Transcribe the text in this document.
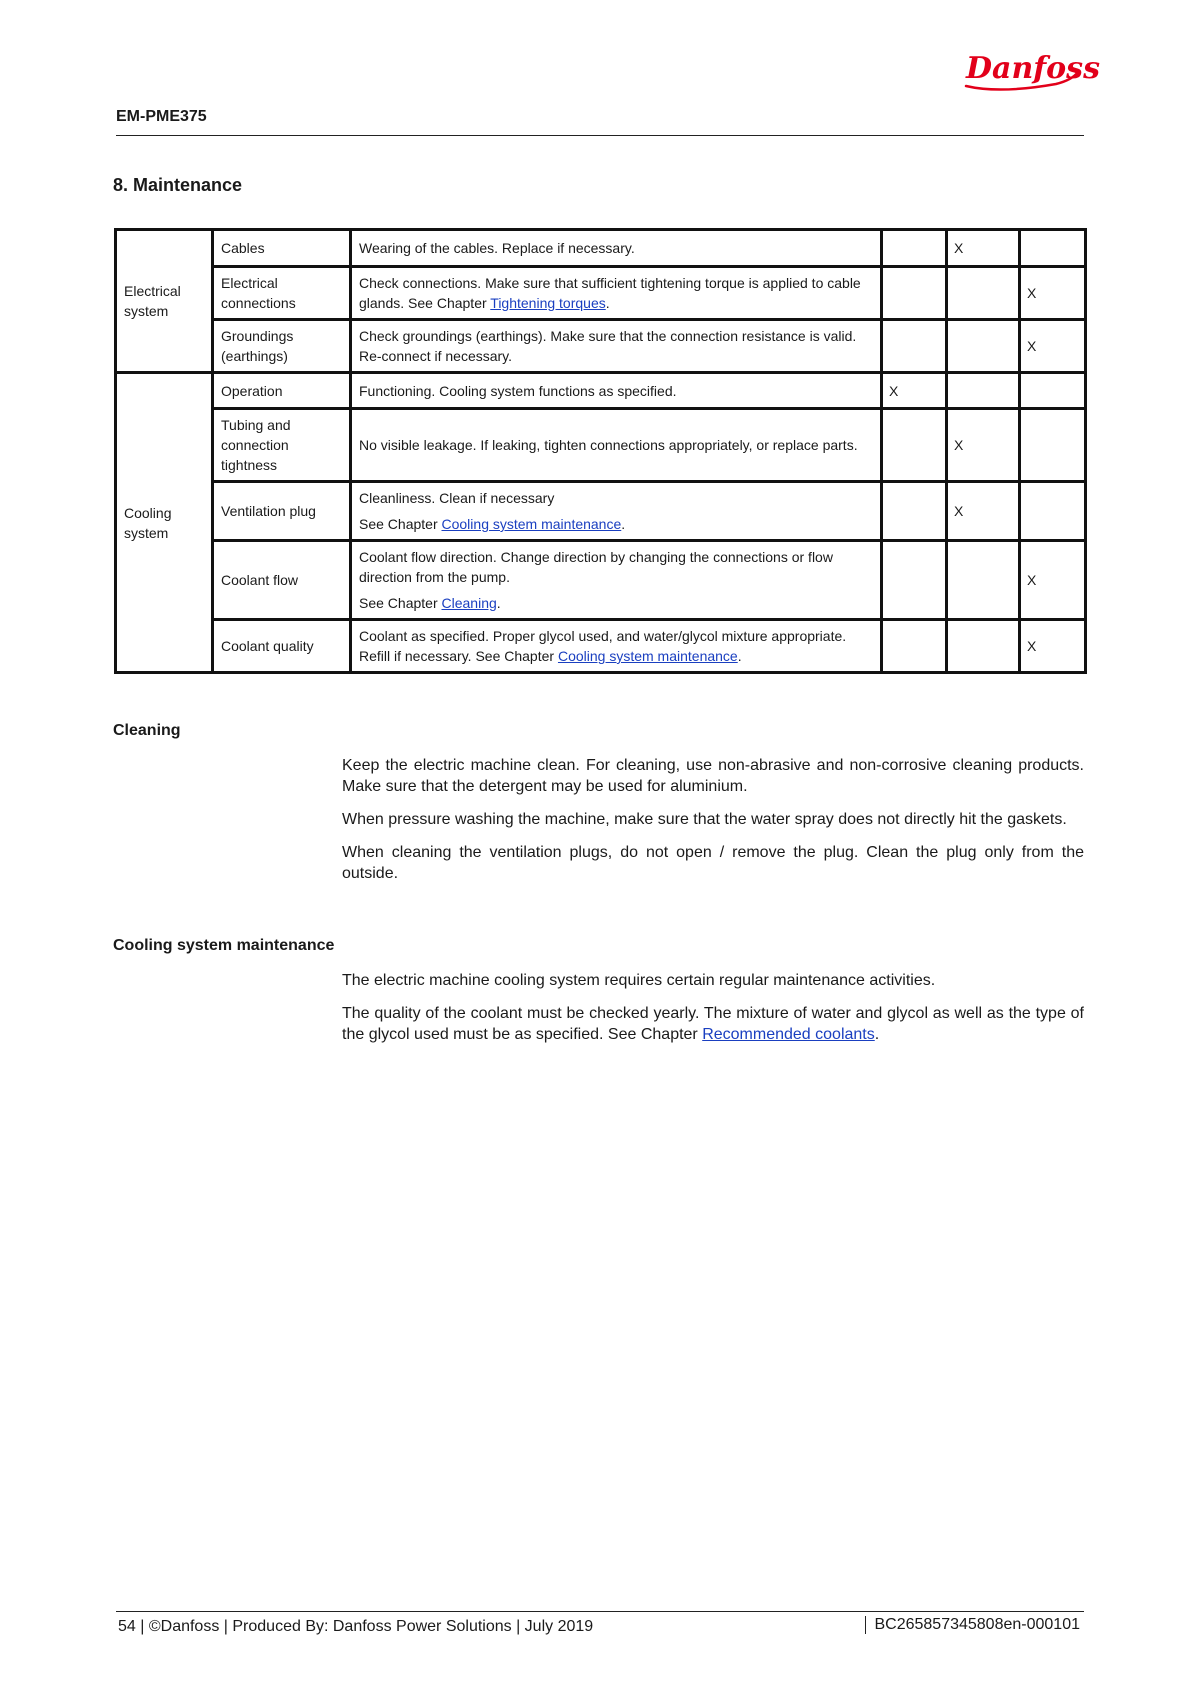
Danfoss
EM-PME375
8. Maintenance
Electrical system	Cables	Wearing of the cables. Replace if necessary.		X	
	Electrical connections	Check connections. Make sure that sufficient tightening torque is applied to cable glands. See Chapter Tightening torques.			X
	Groundings (earthings)	Check groundings (earthings). Make sure that the connection resistance is valid. Re-connect if necessary.			X
Cooling system	Operation	Functioning. Cooling system functions as specified.	X		
	Tubing and connection tightness	No visible leakage. If leaking, tighten connections appropriately, or replace parts.		X	
	Ventilation plug	Cleanliness. Clean if necessary

See Chapter Cooling system maintenance.		X	
	Coolant flow	Coolant flow direction. Change direction by changing the connections or flow direction from the pump.

See Chapter Cleaning.			X
	Coolant quality	Coolant as specified. Proper glycol used, and water/glycol mixture appropriate. Refill if necessary. See Chapter Cooling system maintenance.			X
Cleaning

Keep the electric machine clean. For cleaning, use non-abrasive and non-corrosive cleaning products. Make sure that the detergent may be used for aluminium.

When pressure washing the machine, make sure that the water spray does not directly hit the gaskets.

When cleaning the ventilation plugs, do not open / remove the plug. Clean the plug only from the outside.

Cooling system maintenance

The electric machine cooling system requires certain regular maintenance activities.

The quality of the coolant must be checked yearly. The mixture of water and glycol as well as the type of the glycol used must be as specified. See Chapter Recommended coolants.

54 | ©Danfoss | Produced By: Danfoss Power Solutions | July 2019	BC265857345808en-000101
